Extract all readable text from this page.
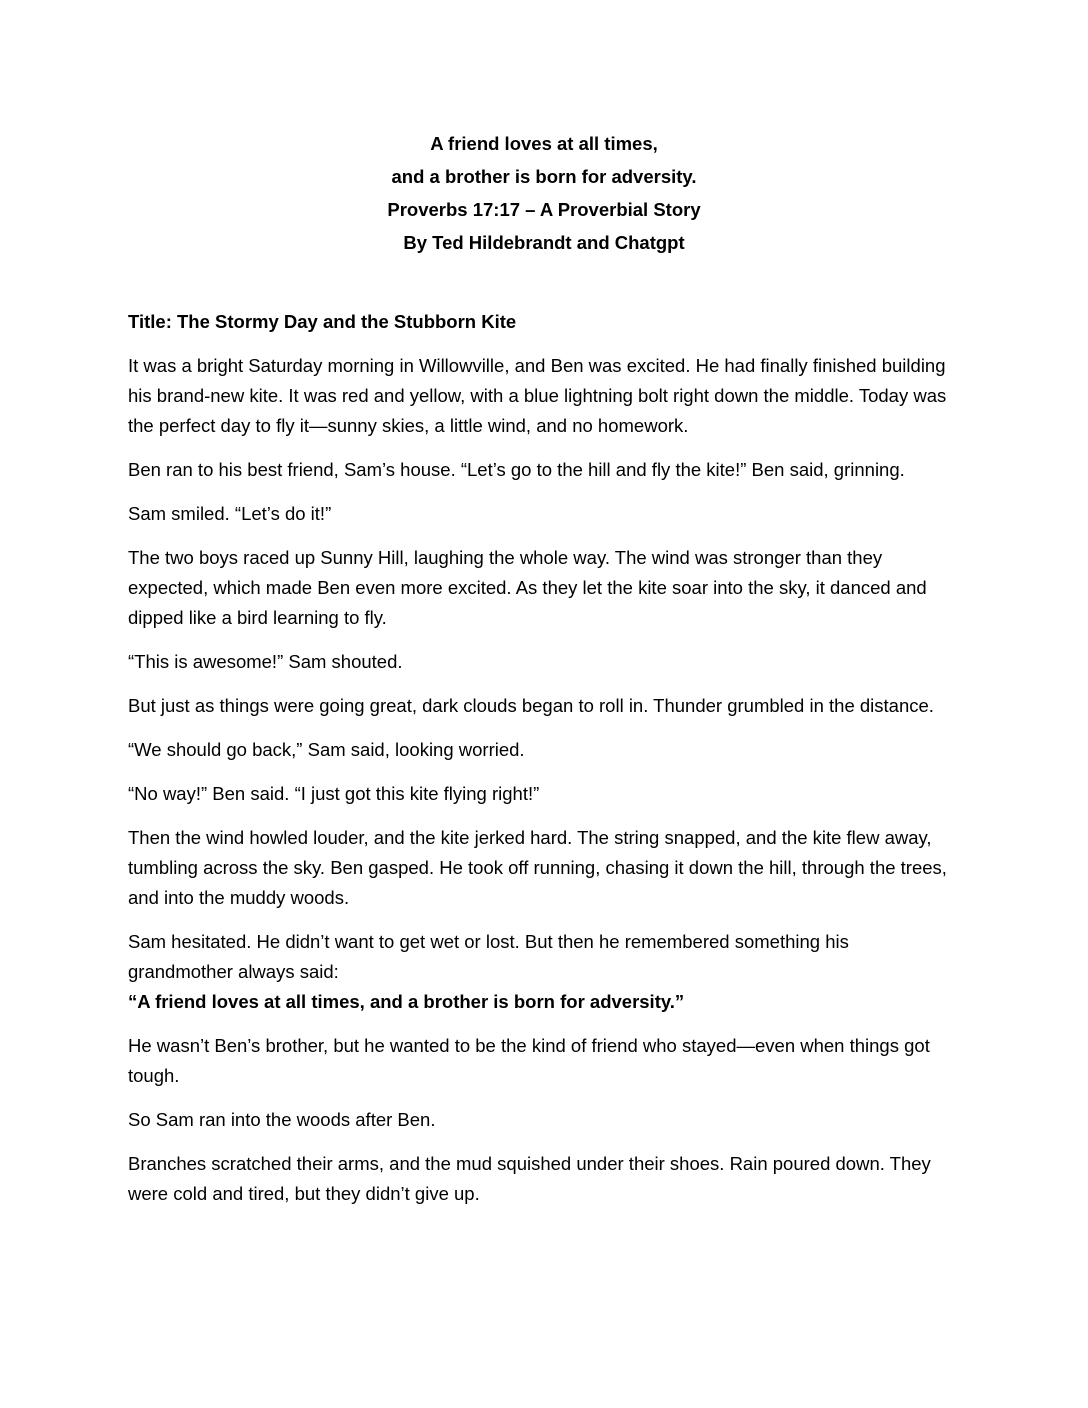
A friend loves at all times,
and a brother is born for adversity.
Proverbs 17:17 – A Proverbial Story
By Ted Hildebrandt and Chatgpt

Title: The Stormy Day and the Stubborn Kite

It was a bright Saturday morning in Willowville, and Ben was excited. He had finally finished building his brand-new kite. It was red and yellow, with a blue lightning bolt right down the middle. Today was the perfect day to fly it—sunny skies, a little wind, and no homework.

Ben ran to his best friend, Sam’s house. “Let’s go to the hill and fly the kite!” Ben said, grinning.

Sam smiled. “Let’s do it!”

The two boys raced up Sunny Hill, laughing the whole way. The wind was stronger than they expected, which made Ben even more excited. As they let the kite soar into the sky, it danced and dipped like a bird learning to fly.

“This is awesome!” Sam shouted.

But just as things were going great, dark clouds began to roll in. Thunder grumbled in the distance.

“We should go back,” Sam said, looking worried.

“No way!” Ben said. “I just got this kite flying right!”

Then the wind howled louder, and the kite jerked hard. The string snapped, and the kite flew away, tumbling across the sky. Ben gasped. He took off running, chasing it down the hill, through the trees, and into the muddy woods.

Sam hesitated. He didn’t want to get wet or lost. But then he remembered something his grandmother always said:

“A friend loves at all times, and a brother is born for adversity.”

He wasn’t Ben’s brother, but he wanted to be the kind of friend who stayed—even when things got tough.

So Sam ran into the woods after Ben.

Branches scratched their arms, and the mud squished under their shoes. Rain poured down. They were cold and tired, but they didn’t give up.
